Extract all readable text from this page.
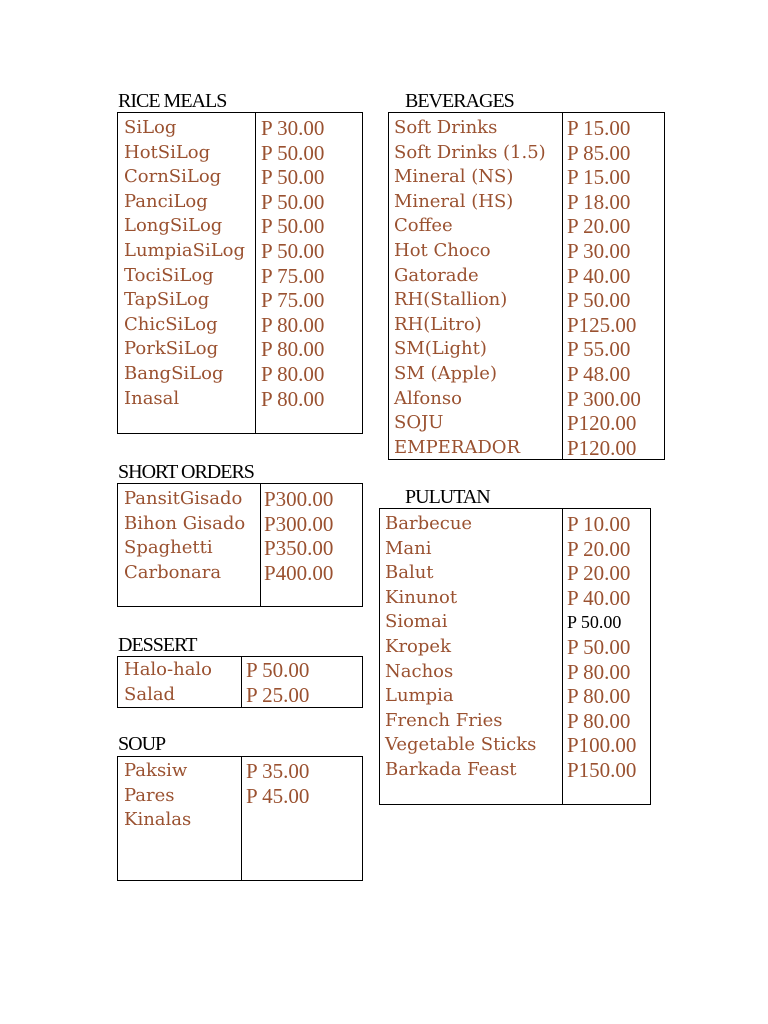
RICE MEALS
SiLog
HotSiLog
CornSiLog
PanciLog
LongSiLog
LumpiaSiLog
TociSiLog
TapSiLog
ChicSiLog
PorkSiLog
BangSiLog
Inasal
P 30.00
P 50.00
P 50.00
P 50.00
P 50.00
P 50.00
P 75.00
P 75.00
P 80.00
P 80.00
P 80.00
P 80.00
BEVERAGES
Soft Drinks
Soft Drinks (1.5)
Mineral (NS)
Mineral (HS)
Coffee
Hot Choco
Gatorade
RH(Stallion)
RH(Litro)
SM(Light)
SM (Apple)
Alfonso
SOJU
EMPERADOR
P 15.00
P 85.00
P 15.00
P 18.00
P 20.00
P 30.00
P 40.00
P 50.00
P125.00
P 55.00
P 48.00
P 300.00
P120.00
P120.00
SHORT ORDERS
PansitGisado
Bihon Gisado
Spaghetti
Carbonara
P300.00
P300.00
P350.00
P400.00
PULUTAN
Barbecue
Mani
Balut
Kinunot
Siomai
Kropek
Nachos
Lumpia
French Fries
Vegetable Sticks
Barkada Feast
P 10.00
P 20.00
P 20.00
P 40.00
P 50.00
P 50.00
P 80.00
P 80.00
P 80.00
P100.00
P150.00
DESSERT
Halo-halo
Salad
P 50.00
P 25.00
SOUP
Paksiw
Pares
Kinalas
P 35.00
P 45.00
